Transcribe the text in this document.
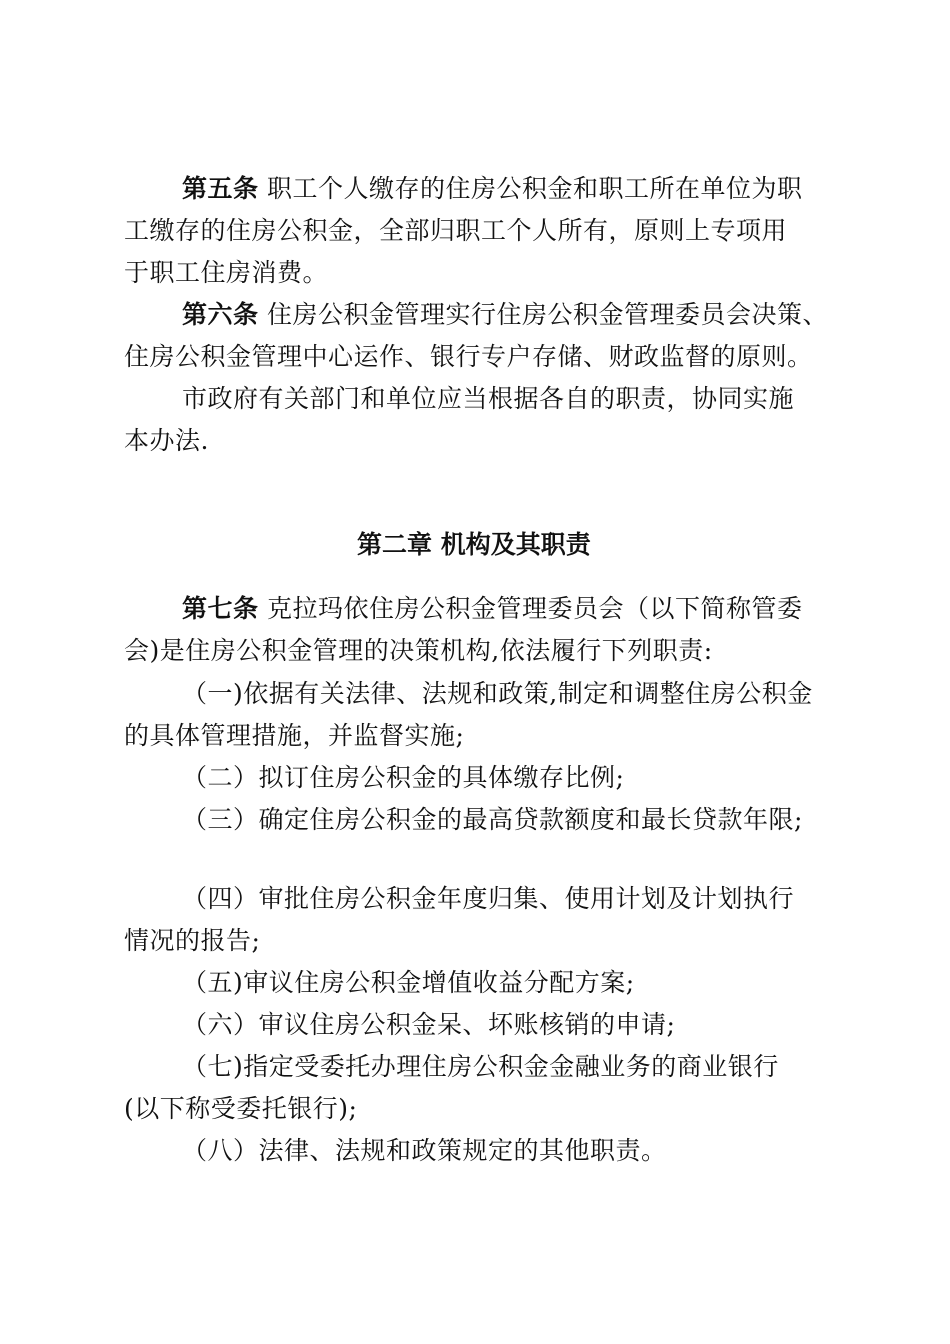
第五条 职工个人缴存的住房公积金和职工所在单位为职
工缴存的住房公积金，全部归职工个人所有，原则上专项用
于职工住房消费。
第六条 住房公积金管理实行住房公积金管理委员会决策、
住房公积金管理中心运作、银行专户存储、财政监督的原则。
市政府有关部门和单位应当根据各自的职责，协同实施
本办法.
第二章 机构及其职责
第七条 克拉玛依住房公积金管理委员会（以下简称管委
会)是住房公积金管理的决策机构,依法履行下列职责:
（一)依据有关法律、法规和政策,制定和调整住房公积金
的具体管理措施，并监督实施;
（二）拟订住房公积金的具体缴存比例;
（三）确定住房公积金的最高贷款额度和最长贷款年限;
（四）审批住房公积金年度归集、使用计划及计划执行
情况的报告;
（五)审议住房公积金增值收益分配方案;
（六）审议住房公积金呆、坏账核销的申请;
（七)指定受委托办理住房公积金金融业务的商业银行
(以下称受委托银行);
（八）法律、法规和政策规定的其他职责。
